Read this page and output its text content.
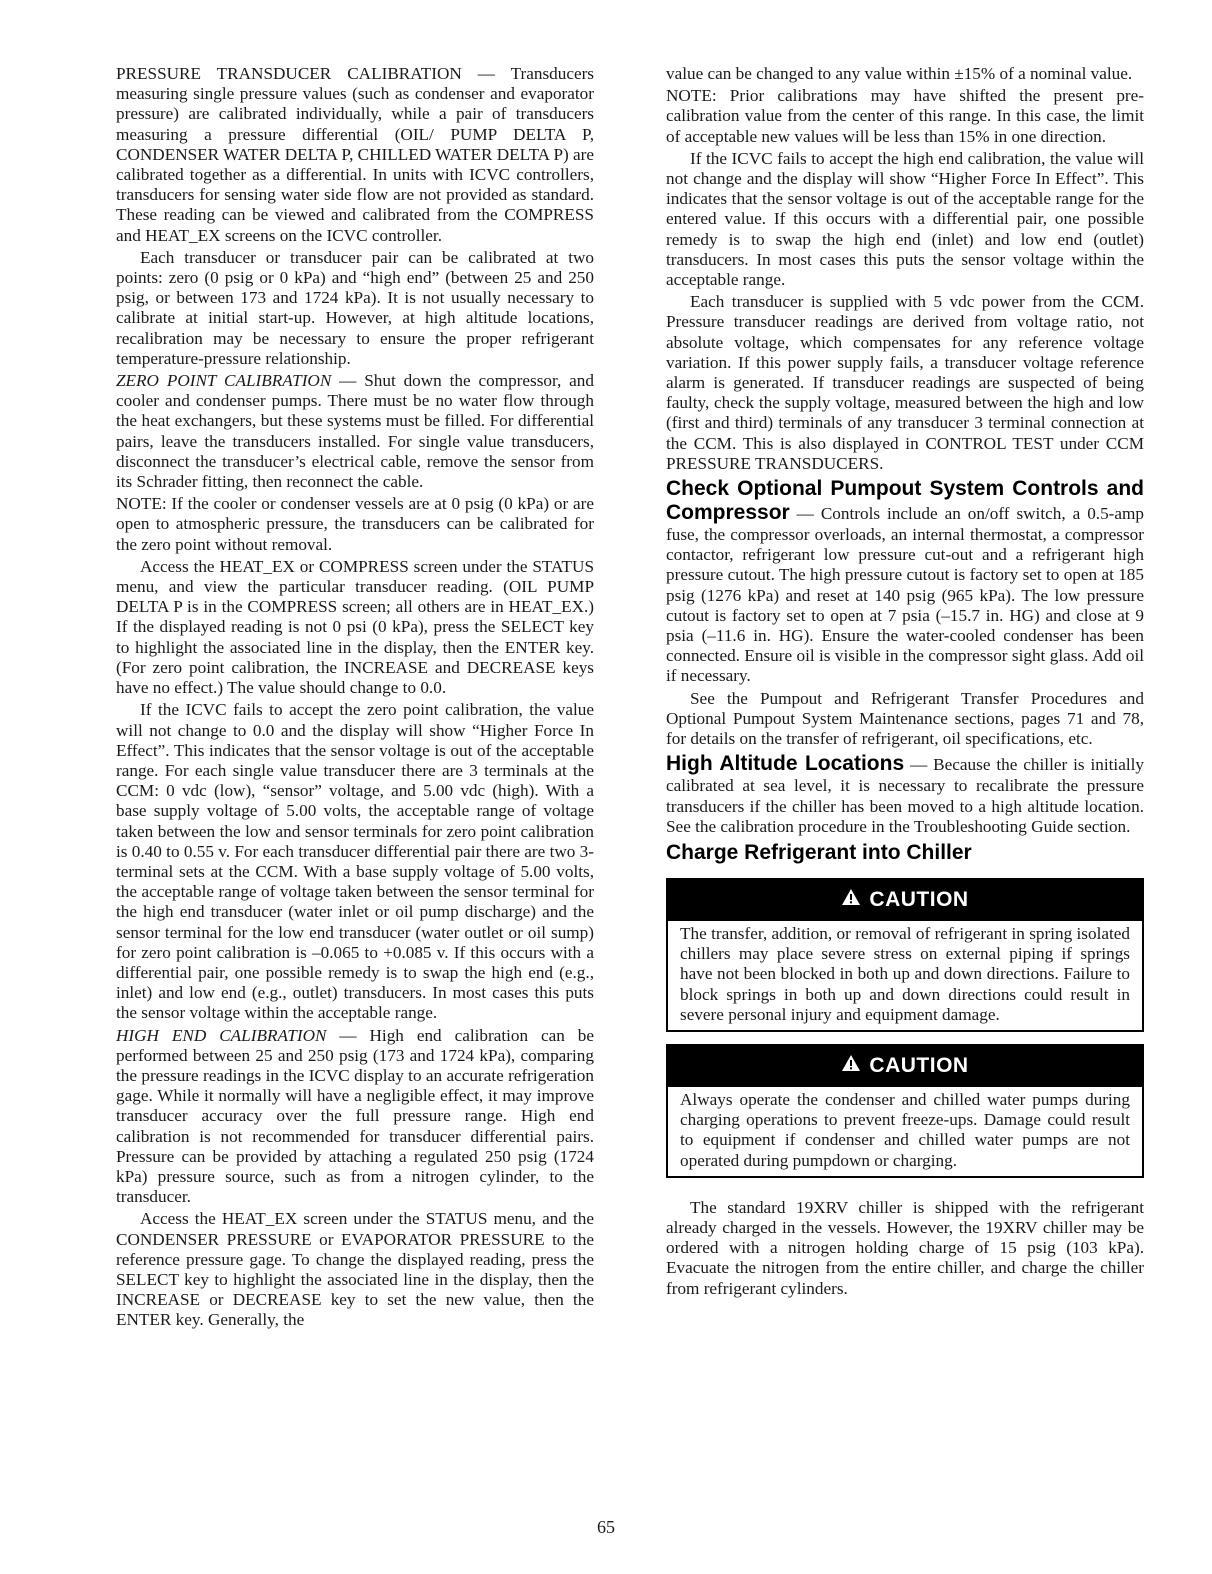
PRESSURE TRANSDUCER CALIBRATION — Transducers measuring single pressure values (such as condenser and evaporator pressure) are calibrated individually, while a pair of transducers measuring a pressure differential (OIL/ PUMP DELTA P, CONDENSER WATER DELTA P, CHILLED WATER DELTA P) are calibrated together as a differential. In units with ICVC controllers, transducers for sensing water side flow are not provided as standard. These reading can be viewed and calibrated from the COMPRESS and HEAT_EX screens on the ICVC controller.

Each transducer or transducer pair can be calibrated at two points: zero (0 psig or 0 kPa) and “high end” (between 25 and 250 psig, or between 173 and 1724 kPa). It is not usually necessary to calibrate at initial start-up. However, at high altitude locations, recalibration may be necessary to ensure the proper refrigerant temperature-pressure relationship.

ZERO POINT CALIBRATION — Shut down the compressor, and cooler and condenser pumps. There must be no water flow through the heat exchangers, but these systems must be filled. For differential pairs, leave the transducers installed. For single value transducers, disconnect the transducer’s electrical cable, remove the sensor from its Schrader fitting, then reconnect the cable.

NOTE: If the cooler or condenser vessels are at 0 psig (0 kPa) or are open to atmospheric pressure, the transducers can be calibrated for the zero point without removal.

Access the HEAT_EX or COMPRESS screen under the STATUS menu, and view the particular transducer reading. (OIL PUMP DELTA P is in the COMPRESS screen; all others are in HEAT_EX.) If the displayed reading is not 0 psi (0 kPa), press the SELECT key to highlight the associated line in the display, then the ENTER key. (For zero point calibration, the INCREASE and DECREASE keys have no effect.) The value should change to 0.0.

If the ICVC fails to accept the zero point calibration, the value will not change to 0.0 and the display will show “Higher Force In Effect”. This indicates that the sensor voltage is out of the acceptable range. For each single value transducer there are 3 terminals at the CCM: 0 vdc (low), “sensor” voltage, and 5.00 vdc (high). With a base supply voltage of 5.00 volts, the acceptable range of voltage taken between the low and sensor terminals for zero point calibration is 0.40 to 0.55 v. For each transducer differential pair there are two 3-terminal sets at the CCM. With a base supply voltage of 5.00 volts, the acceptable range of voltage taken between the sensor terminal for the high end transducer (water inlet or oil pump discharge) and the sensor terminal for the low end transducer (water outlet or oil sump) for zero point calibration is –0.065 to +0.085 v. If this occurs with a differential pair, one possible remedy is to swap the high end (e.g., inlet) and low end (e.g., outlet) transducers. In most cases this puts the sensor voltage within the acceptable range.

HIGH END CALIBRATION — High end calibration can be performed between 25 and 250 psig (173 and 1724 kPa), comparing the pressure readings in the ICVC display to an accurate refrigeration gage. While it normally will have a negligible effect, it may improve transducer accuracy over the full pressure range. High end calibration is not recommended for transducer differential pairs. Pressure can be provided by attaching a regulated 250 psig (1724 kPa) pressure source, such as from a nitrogen cylinder, to the transducer.

Access the HEAT_EX screen under the STATUS menu, and the CONDENSER PRESSURE or EVAPORATOR PRESSURE to the reference pressure gage. To change the displayed reading, press the SELECT key to highlight the associated line in the display, then the INCREASE or DECREASE key to set the new value, then the ENTER key. Generally, the

value can be changed to any value within ±15% of a nominal value.

NOTE: Prior calibrations may have shifted the present pre-calibration value from the center of this range. In this case, the limit of acceptable new values will be less than 15% in one direction.

If the ICVC fails to accept the high end calibration, the value will not change and the display will show “Higher Force In Effect”. This indicates that the sensor voltage is out of the acceptable range for the entered value. If this occurs with a differential pair, one possible remedy is to swap the high end (inlet) and low end (outlet) transducers. In most cases this puts the sensor voltage within the acceptable range.

Each transducer is supplied with 5 vdc power from the CCM. Pressure transducer readings are derived from voltage ratio, not absolute voltage, which compensates for any reference voltage variation. If this power supply fails, a transducer voltage reference alarm is generated. If transducer readings are suspected of being faulty, check the supply voltage, measured between the high and low (first and third) terminals of any transducer 3 terminal connection at the CCM. This is also displayed in CONTROL TEST under CCM PRESSURE TRANSDUCERS.

Check Optional Pumpout System Controls and Compressor — Controls include an on/off switch, a 0.5-amp fuse, the compressor overloads, an internal thermostat, a compressor contactor, refrigerant low pressure cut-out and a refrigerant high pressure cutout. The high pressure cutout is factory set to open at 185 psig (1276 kPa) and reset at 140 psig (965 kPa). The low pressure cutout is factory set to open at 7 psia (–15.7 in. HG) and close at 9 psia (–11.6 in. HG). Ensure the water-cooled condenser has been connected. Ensure oil is visible in the compressor sight glass. Add oil if necessary.

See the Pumpout and Refrigerant Transfer Procedures and Optional Pumpout System Maintenance sections, pages 71 and 78, for details on the transfer of refrigerant, oil specifications, etc.

High Altitude Locations — Because the chiller is initially calibrated at sea level, it is necessary to recalibrate the pressure transducers if the chiller has been moved to a high altitude location. See the calibration procedure in the Troubleshooting Guide section.

Charge Refrigerant into Chiller
CAUTION

The transfer, addition, or removal of refrigerant in spring isolated chillers may place severe stress on external piping if springs have not been blocked in both up and down directions. Failure to block springs in both up and down directions could result in severe personal injury and equipment damage.

CAUTION

Always operate the condenser and chilled water pumps during charging operations to prevent freeze-ups. Damage could result to equipment if condenser and chilled water pumps are not operated during pumpdown or charging.

The standard 19XRV chiller is shipped with the refrigerant already charged in the vessels. However, the 19XRV chiller may be ordered with a nitrogen holding charge of 15 psig (103 kPa). Evacuate the nitrogen from the entire chiller, and charge the chiller from refrigerant cylinders.

65
